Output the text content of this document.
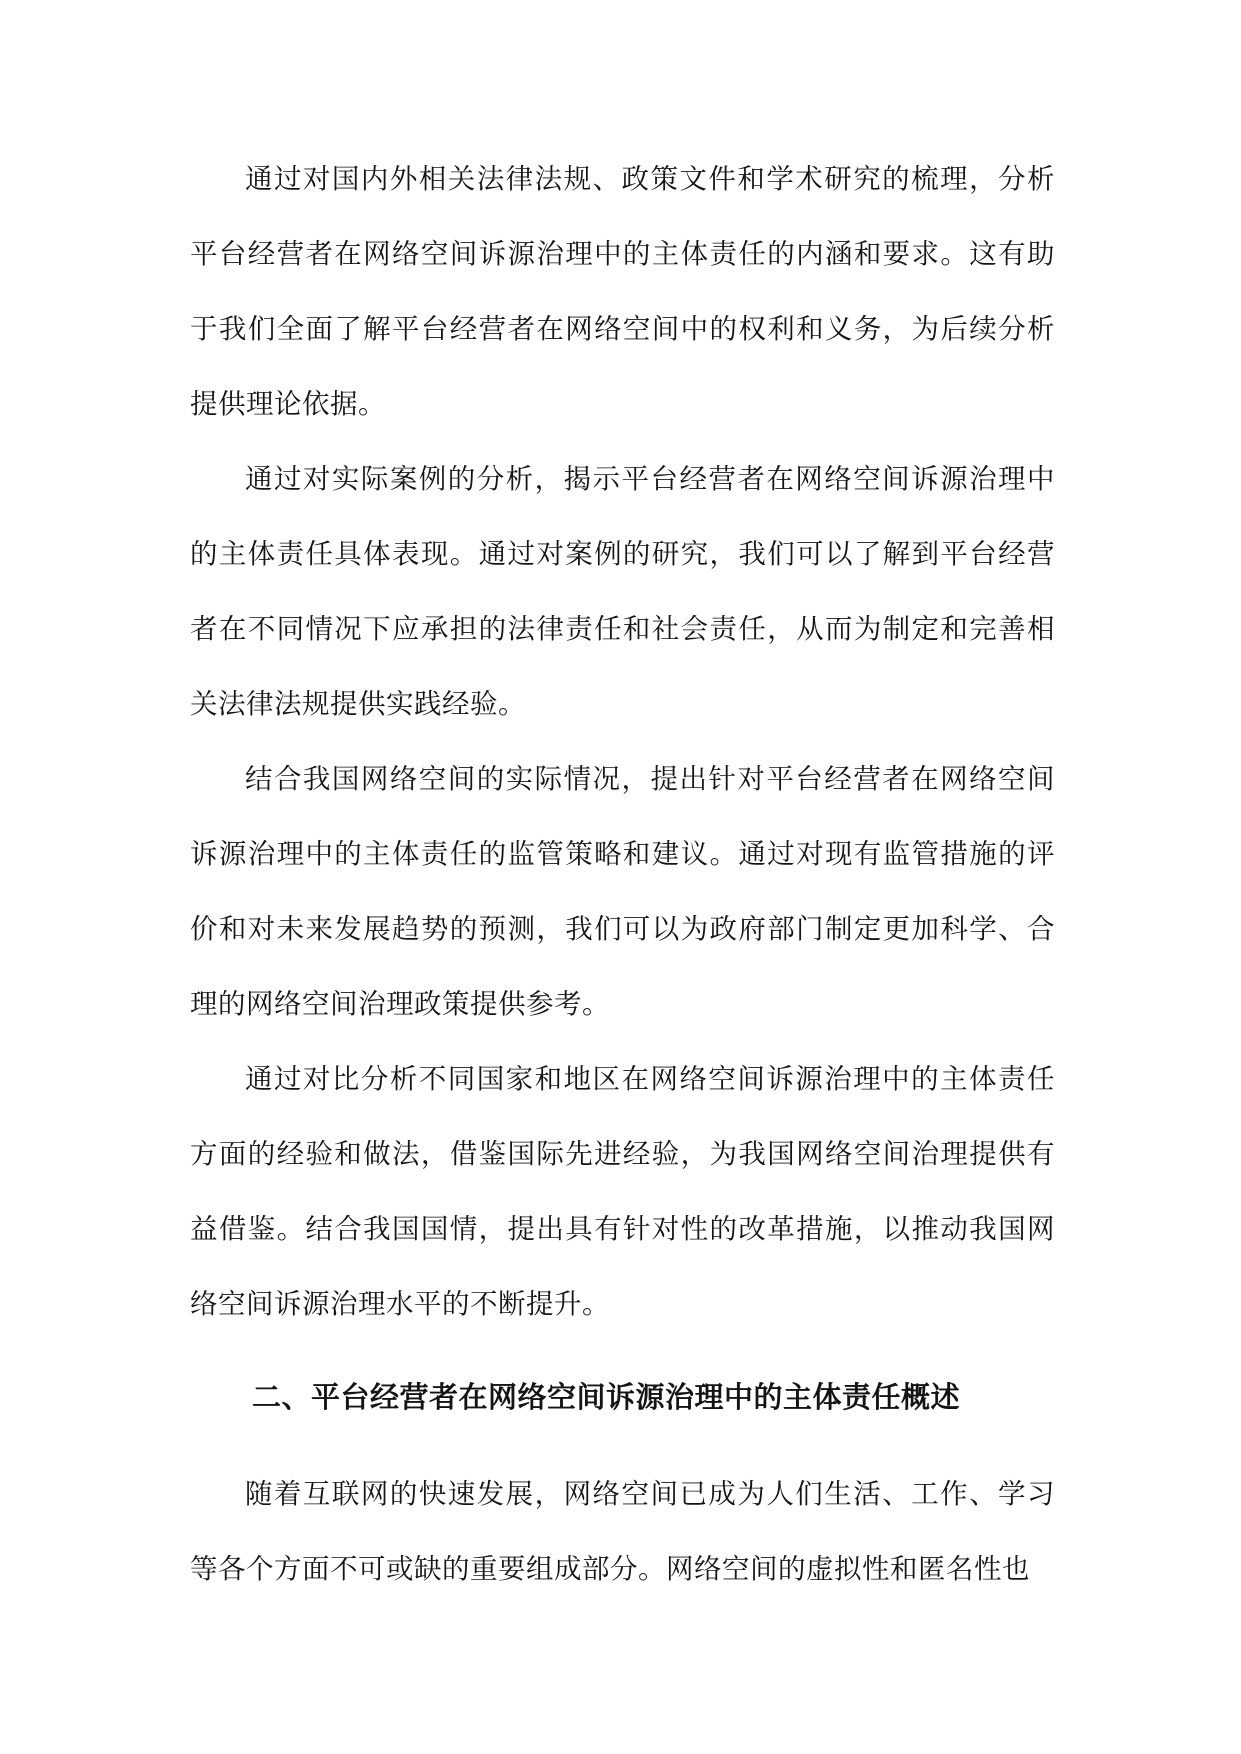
通过对国内外相关法律法规、政策文件和学术研究的梳理，分析平台经营者在网络空间诉源治理中的主体责任的内涵和要求。这有助于我们全面了解平台经营者在网络空间中的权利和义务，为后续分析提供理论依据。

通过对实际案例的分析，揭示平台经营者在网络空间诉源治理中的主体责任具体表现。通过对案例的研究，我们可以了解到平台经营者在不同情况下应承担的法律责任和社会责任，从而为制定和完善相关法律法规提供实践经验。

结合我国网络空间的实际情况，提出针对平台经营者在网络空间诉源治理中的主体责任的监管策略和建议。通过对现有监管措施的评价和对未来发展趋势的预测，我们可以为政府部门制定更加科学、合理的网络空间治理政策提供参考。

通过对比分析不同国家和地区在网络空间诉源治理中的主体责任方面的经验和做法，借鉴国际先进经验，为我国网络空间治理提供有益借鉴。结合我国国情，提出具有针对性的改革措施，以推动我国网络空间诉源治理水平的不断提升。

二、平台经营者在网络空间诉源治理中的主体责任概述

随着互联网的快速发展，网络空间已成为人们生活、工作、学习等各个方面不可或缺的重要组成部分。网络空间的虚拟性和匿名性也
